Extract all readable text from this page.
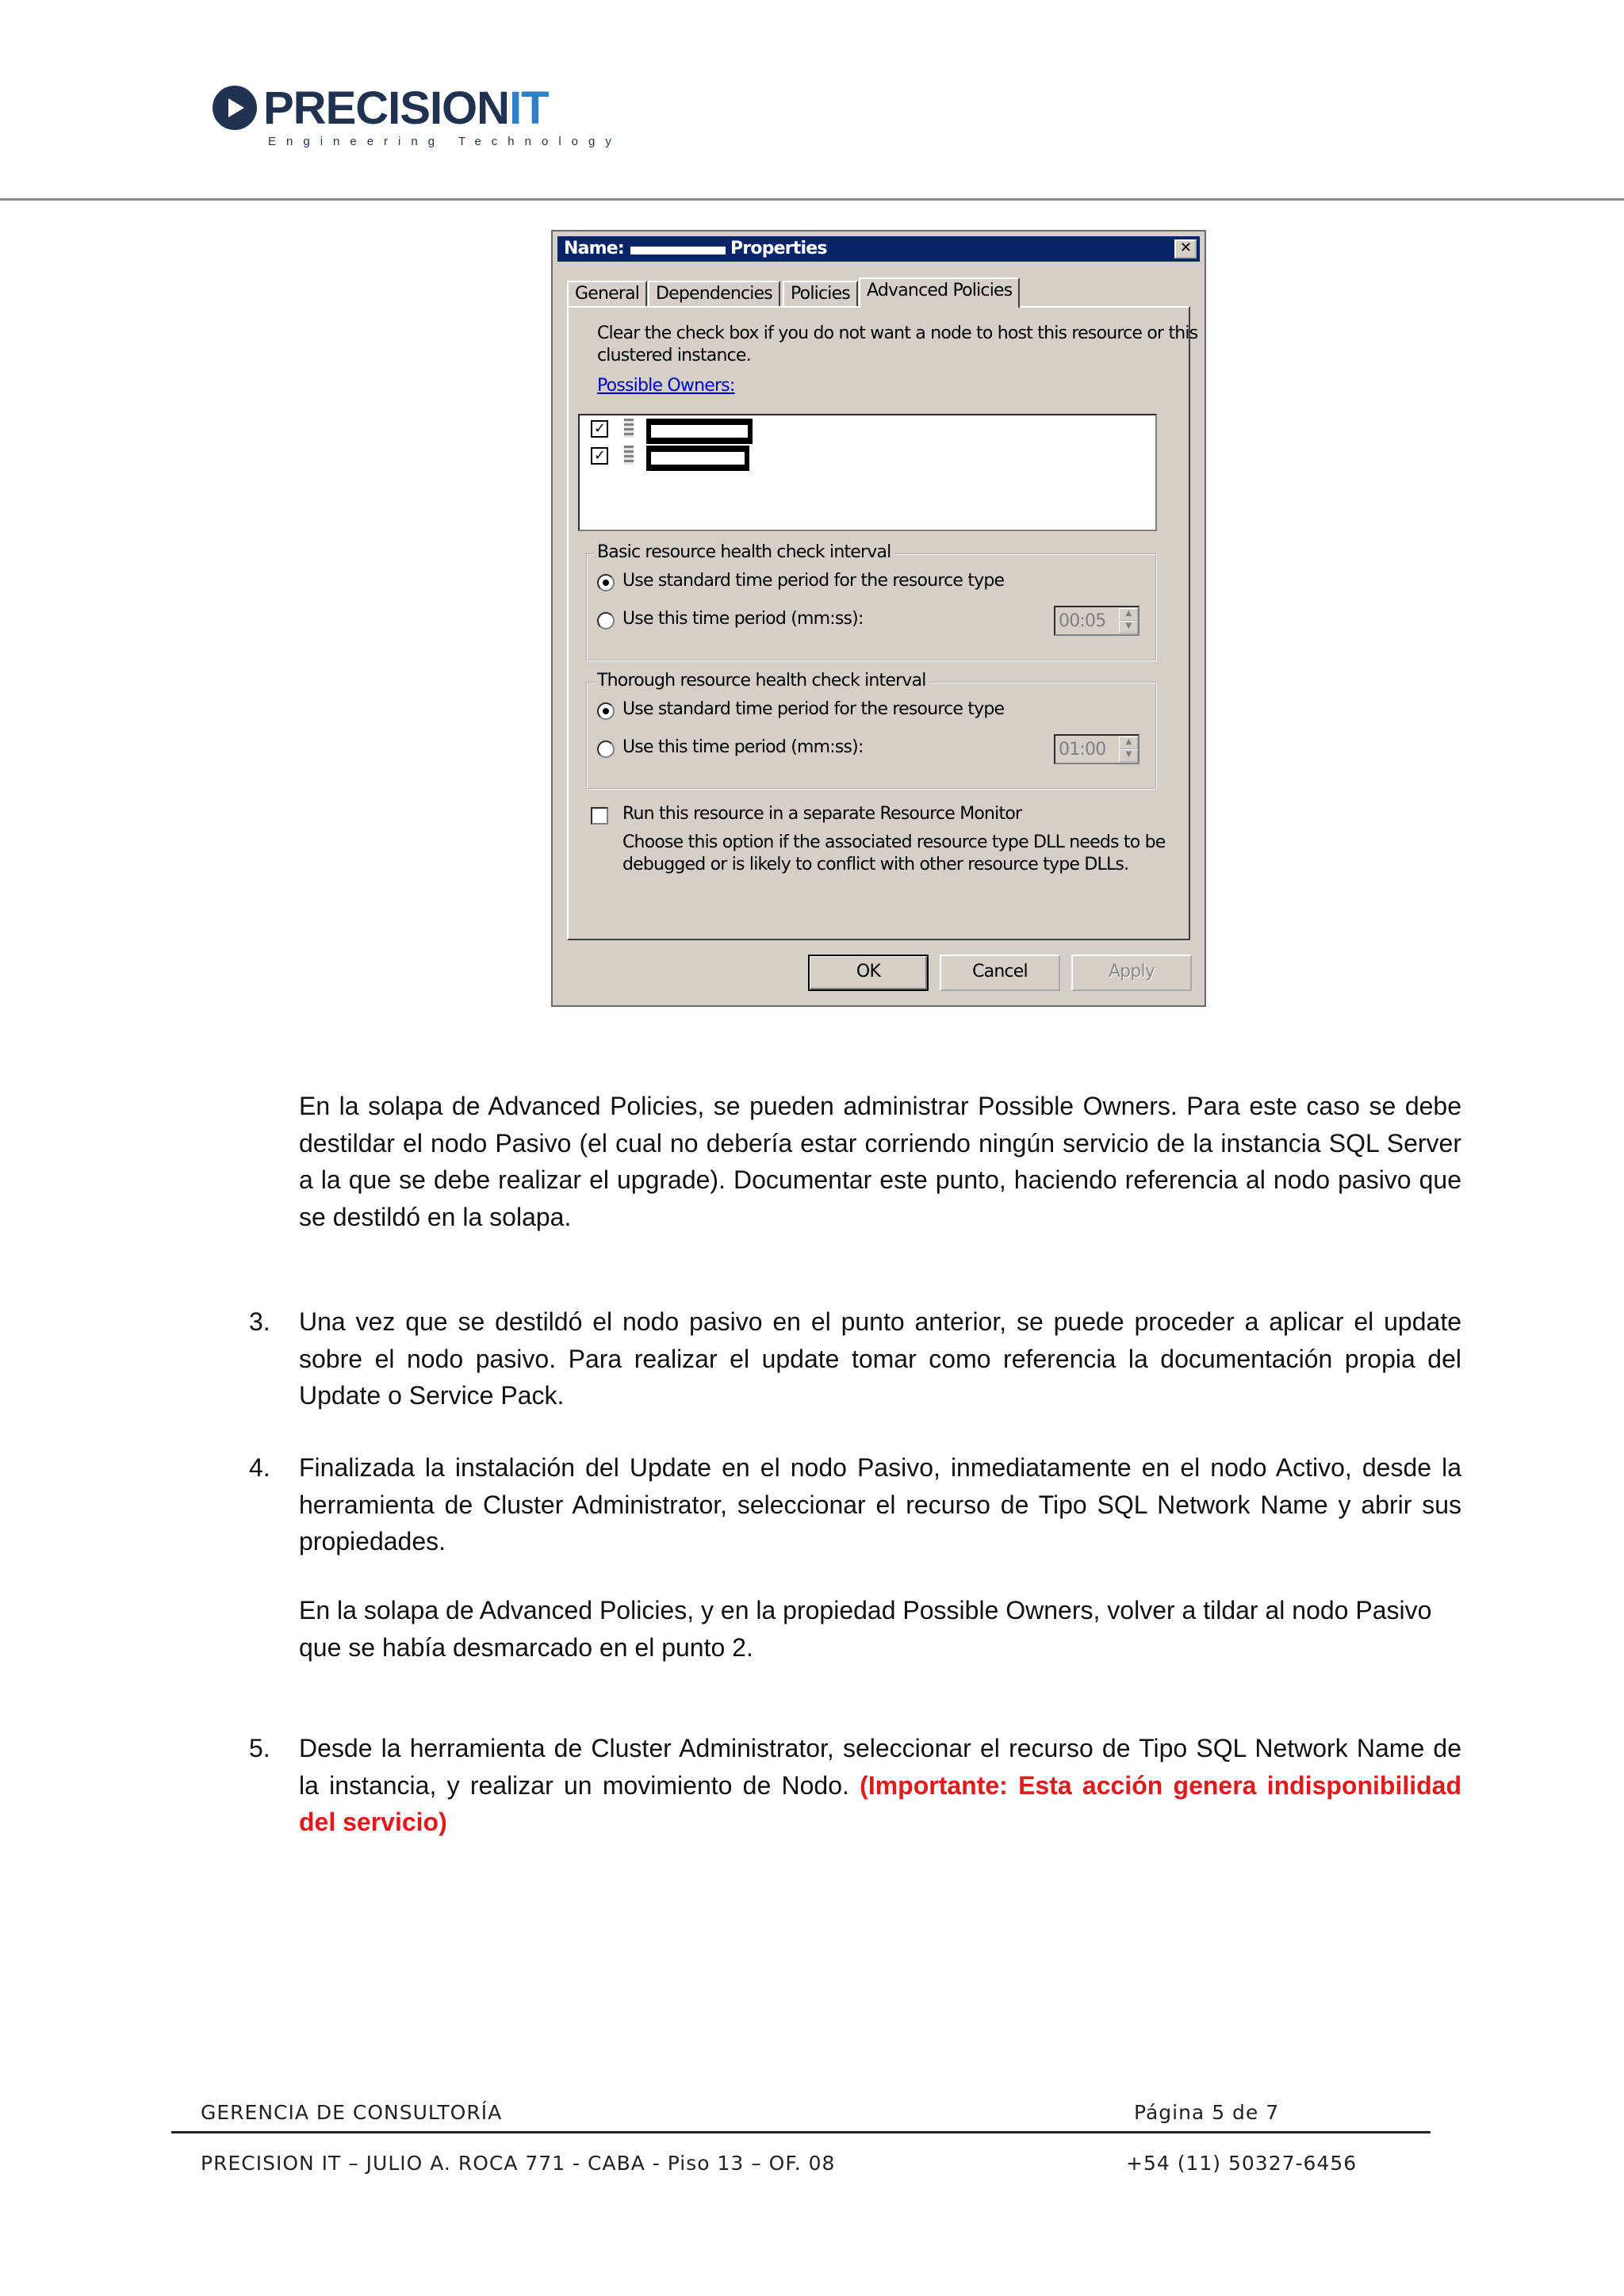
PRECISIONIT
Engineering Technology
Name:	Properties	✕
General Dependencies	Policies Advanced Policies
Clear the check box if you do not want a node to host this resource or this
clustered instance.
Possible Owners:
✓
✓
Basic resource health check interval
Use standard time period for the resource type
Use this time period (mm:ss):	00:05	▲
▼
Thorough resource health check interval
Use standard time period for the resource type
Use this time period (mm:ss):	01:00	▲
▼
Run this resource in a separate Resource Monitor
Choose this option if the associated resource type DLL needs to be
debugged or is likely to conflict with other resource type DLLs.
OK	Cancel	Apply

En la solapa de Advanced Policies, se pueden administrar Possible Owners. Para este caso se debe destildar el nodo Pasivo (el cual no debería estar corriendo ningún servicio de la instancia SQL Server a la que se debe realizar el upgrade). Documentar este punto, haciendo referencia al nodo pasivo que se destildó en la solapa.

3. Una vez que se destildó el nodo pasivo en el punto anterior, se puede proceder a aplicar el update sobre el nodo pasivo. Para realizar el update tomar como referencia la documentación propia del Update o Service Pack.

4. Finalizada la instalación del Update en el nodo Pasivo, inmediatamente en el nodo Activo, desde la herramienta de Cluster Administrator, seleccionar el recurso de Tipo SQL Network Name y abrir sus propiedades.

En la solapa de Advanced Policies, y en la propiedad Possible Owners, volver a tildar al nodo Pasivo que se había desmarcado en el punto 2.

5. Desde la herramienta de Cluster Administrator, seleccionar el recurso de Tipo SQL Network Name de la instancia, y realizar un movimiento de Nodo. (Importante: Esta acción genera indisponibilidad del servicio)

GERENCIA DE CONSULTORÍA	Página 5 de 7
PRECISION IT – JULIO A. ROCA 771 - CABA - Piso 13 – OF. 08	+54 (11) 50327-6456
